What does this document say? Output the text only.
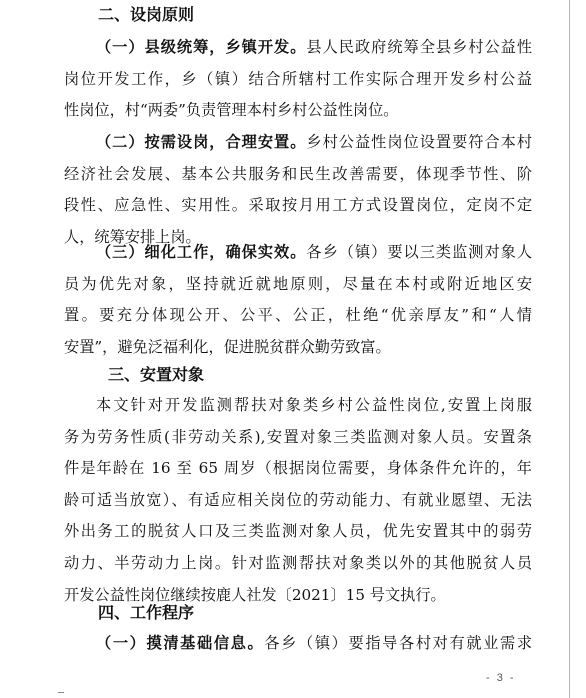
二、设岗原则
（一）县级统筹，乡镇开发。县人民政府统筹全县乡村公益性
岗位开发工作，乡（镇）结合所辖村工作实际合理开发乡村公益
性岗位，村“两委”负责管理本村乡村公益性岗位。
（二）按需设岗，合理安置。乡村公益性岗位设置要符合本村
经济社会发展、基本公共服务和民生改善需要，体现季节性、阶
段性、应急性、实用性。采取按月用工方式设置岗位，定岗不定
人，统筹安排上岗。
（三）细化工作，确保实效。各乡（镇）要以三类监测对象人
员为优先对象，坚持就近就地原则，尽量在本村或附近地区安
置。要充分体现公开、公平、公正，杜绝“优亲厚友”和“人情
安置”，避免泛福利化，促进脱贫群众勤劳致富。
三、安置对象
本文针对开发监测帮扶对象类乡村公益性岗位,安置上岗服
务为劳务性质(非劳动关系),安置对象三类监测对象人员。安置条
件是年龄在 16 至 65 周岁（根据岗位需要，身体条件允许的，年
龄可适当放宽）、有适应相关岗位的劳动能力、有就业愿望、无法
外出务工的脱贫人口及三类监测对象人员，优先安置其中的弱劳
动力、半劳动力上岗。针对监测帮扶对象类以外的其他脱贫人员
开发公益性岗位继续按鹿人社发〔2021〕15 号文执行。
四、工作程序
（一）摸清基础信息。各乡（镇）要指导各村对有就业需求
- 3 -
